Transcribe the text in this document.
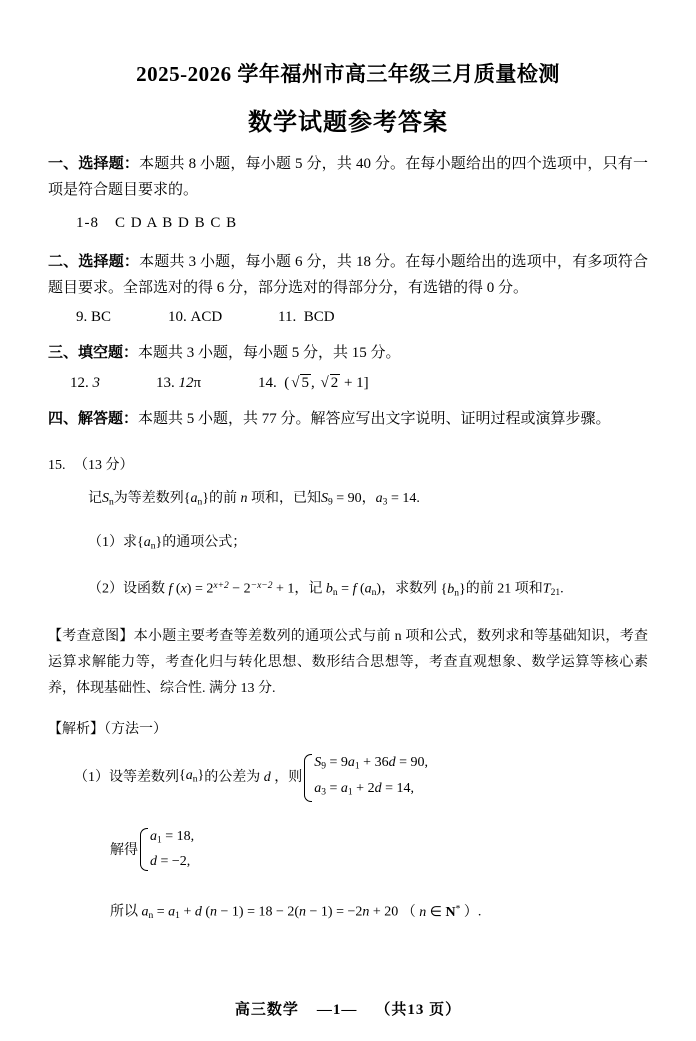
2025-2026 学年福州市高三年级三月质量检测
数学试题参考答案
一、选择题：本题共 8 小题，每小题 5 分，共 40 分。在每小题给出的四个选项中，只有一项是符合题目要求的。
1-8 C D A B D B C B
二、选择题：本题共 3 小题，每小题 6 分，共 18 分。在每小题给出的选项中，有多项符合题目要求。全部选对的得 6 分，部分选对的得部分分，有选错的得 0 分。
9. BC	10. ACD	11. BCD
三、填空题：本题共 3 小题，每小题 5 分，共 15 分。
12. 3	13. 12π	14. ( √ 5 , √ 2 + 1]
四、解答题：本题共 5 小题，共 77 分。解答应写出文字说明、证明过程或演算步骤。
15. （13 分）
记Sn为等差数列{an}的前 n 项和，已知S9 = 90，a3 = 14.
（1）求{an}的通项公式；
（2）设函数 f $(x) = 2^{x+2} - 2^{-x-2} + 1$，记 bn = f (an)，求数列 {bn}的前 21 项和T21.
【考查意图】本小题主要考查等差数列的通项公式与前 n 项和公式，数列求和等基础知识，考查运算求解能力等，考查化归与转化思想、数形结合思想等，考查直观想象、数学运算等核心素养，体现基础性、综合性. 满分 13 分.
【解析】（方法一）
（1）设等差数列 {an} 的公差为 d ，则
S9 = 9a1 + 36d = 90,
a3 = a1 + 2d = 14,
解得
a1 = 18,
d = −2,
所以 an = a1 + d (n − 1) = 18 − 2(n − 1) = −2n + 20 （ n ∈ N* ）.
高三数学 —1— （共13 页）
